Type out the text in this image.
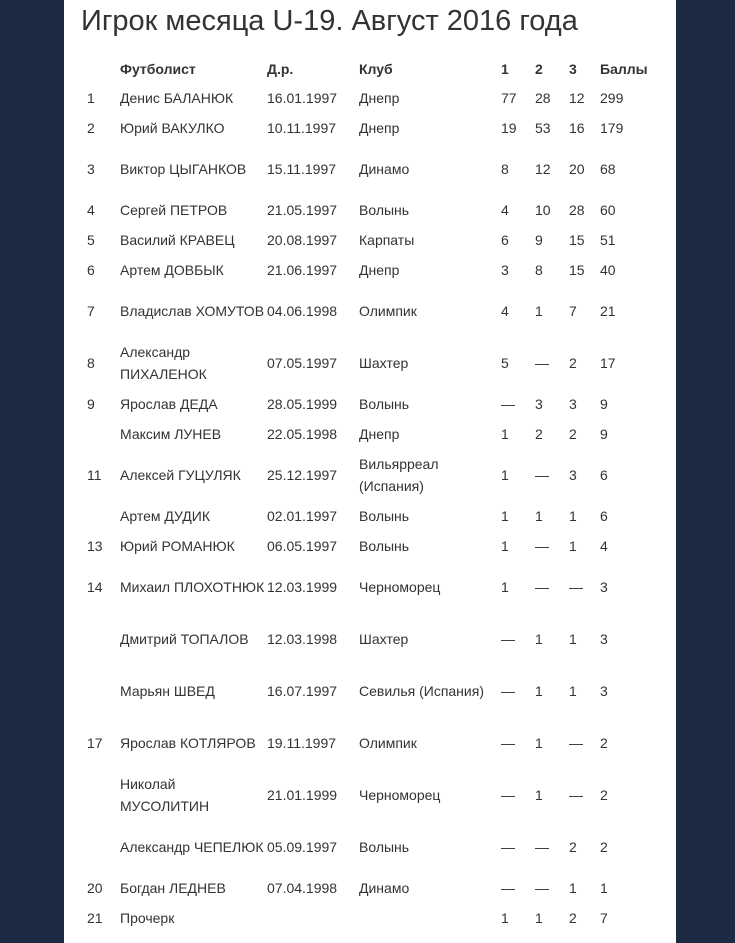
Игрок месяца U-19. Август 2016 года
	Футболист	Д.р.	Клуб	1	2	3	Баллы
1	Денис БАЛАНЮК	16.01.1997	Днепр	77	28	12	299
2	Юрий ВАКУЛКО	10.11.1997	Днепр	19	53	16	179
3	Виктор ЦЫГАНКОВ	15.11.1997	Динамо	8	12	20	68
4	Сергей ПЕТРОВ	21.05.1997	Волынь	4	10	28	60
5	Василий КРАВЕЦ	20.08.1997	Карпаты	6	9	15	51
6	Артем ДОВБЫК	21.06.1997	Днепр	3	8	15	40
7	Владислав ХОМУТОВ	04.06.1998	Олимпик	4	1	7	21
8	Александр ПИХАЛЕНОК	07.05.1997	Шахтер	5	—	2	17
9	Ярослав ДЕДА	28.05.1999	Волынь	—	3	3	9
	Максим ЛУНЕВ	22.05.1998	Днепр	1	2	2	9
11	Алексей ГУЦУЛЯК	25.12.1997	Вильярреал (Испания)	1	—	3	6
	Артем ДУДИК	02.01.1997	Волынь	1	1	1	6
13	Юрий РОМАНЮК	06.05.1997	Волынь	1	—	1	4
14	Михаил ПЛОХОТНЮК	12.03.1999	Черноморец	1	—	—	3
	Дмитрий ТОПАЛОВ	12.03.1998	Шахтер	—	1	1	3
	Марьян ШВЕД	16.07.1997	Севилья (Испания)	—	1	1	3
17	Ярослав КОТЛЯРОВ	19.11.1997	Олимпик	—	1	—	2
	Николай МУСОЛИТИН	21.01.1999	Черноморец	—	1	—	2
	Александр ЧЕПЕЛЮК	05.09.1997	Волынь	—	—	2	2
20	Богдан ЛЕДНЕВ	07.04.1998	Динамо	—	—	1	1
21	Прочерк			1	1	2	7
